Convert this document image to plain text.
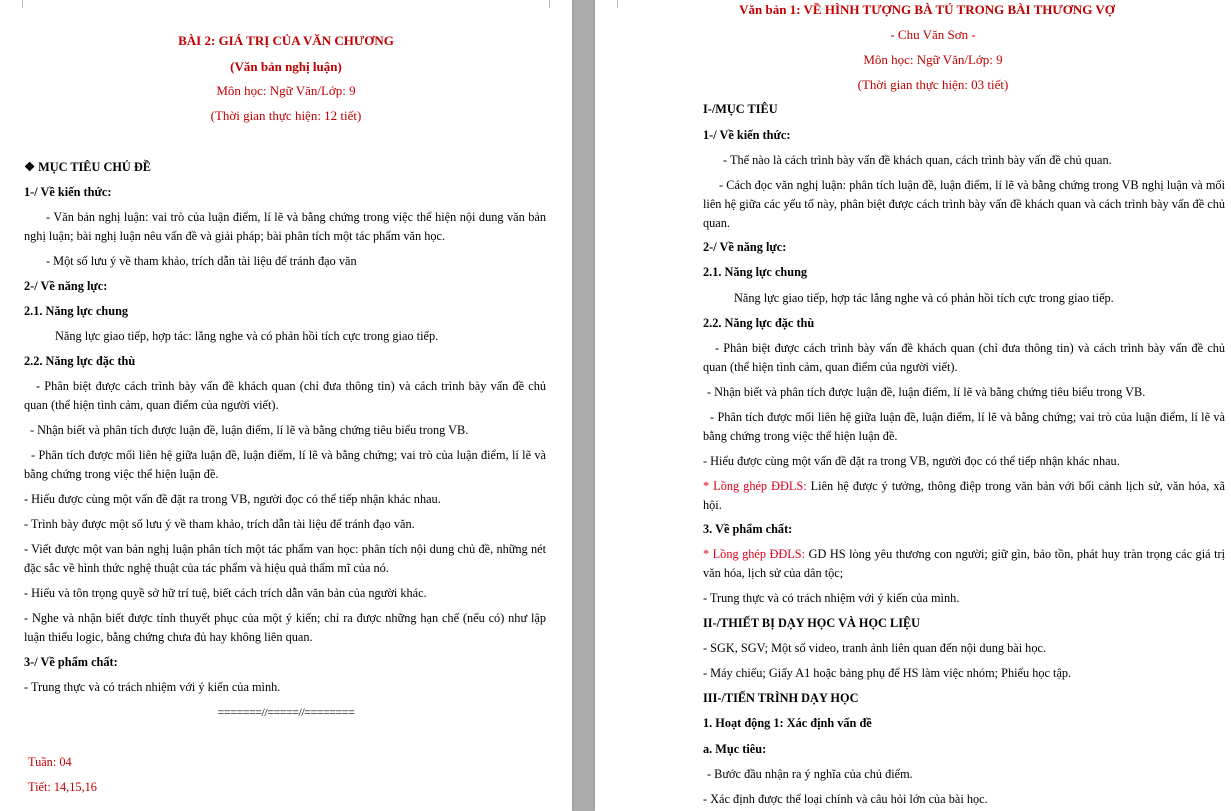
BÀI 2: GIÁ TRỊ CỦA VĂN CHƯƠNG
(Văn bản nghị luận)
Môn học: Ngữ Văn/Lớp: 9
(Thời gian thực hiện: 12 tiết)
❖ MỤC TIÊU CHỦ ĐỀ
1-/ Về kiến thức:
- Văn bản nghị luận: vai trò của luận điểm, lí lẽ và bằng chứng trong việc thể hiện nội dung văn bản nghị luận; bài nghị luận nêu vấn đề và giải pháp; bài phân tích một tác phẩm văn học.
- Một số lưu ý về tham khảo, trích dẫn tài liệu để tránh đạo văn
2-/ Về năng lực:
2.1. Năng lực chung
Năng lực giao tiếp, hợp tác: lắng nghe và có phản hồi tích cực trong giao tiếp.
2.2. Năng lực đặc thù
- Phân biệt được cách trình bày vấn đề khách quan (chỉ đưa thông tin) và cách trình bày vấn đề chủ quan (thể hiện tình cảm, quan điểm của người viết).
- Nhận biết và phân tích được luận đề, luận điểm, lí lẽ và bằng chứng tiêu biểu trong VB.
- Phân tích được mối liên hệ giữa luận đề, luận điểm, lí lẽ và bằng chứng; vai trò của luận điểm, lí lẽ và bằng chứng trong việc thể hiện luận đề.
- Hiểu được cùng một vấn đề đặt ra trong VB, người đọc có thể tiếp nhận khác nhau.
- Trình bày được một số lưu ý về tham khảo, trích dẫn tài liệu để tránh đạo văn.
- Viết được một van bản nghị luận phân tích một tác phẩm van học: phân tích nội dung chủ đề, những nét đặc sắc về hình thức nghệ thuật của tác phẩm và hiệu quả thẩm mĩ của nó.
- Hiểu và tôn trọng quyề sở hữ trí tuệ, biết cách trích dẫn văn bản của người khác.
- Nghe và nhận biết được tính thuyết phục của một ý kiến; chỉ ra được những hạn chế (nếu có) như lập luận thiếu logic, bằng chứng chưa đủ hay không liên quan.
3-/ Về phẩm chất:
- Trung thực và có trách nhiệm với ý kiến của mình.
=======//=====//========
Tuần: 04
Tiết: 14,15,16
Văn bản 1: VỀ HÌNH TƯỢNG BÀ TÚ TRONG BÀI THƯƠNG VỢ
- Chu Văn Sơn -
Môn học: Ngữ Văn/Lớp: 9
(Thời gian thực hiện: 03 tiết)
I-/MỤC TIÊU
1-/ Về kiến thức:
- Thế nào là cách trình bày vấn đề khách quan, cách trình bày vấn đề chủ quan.
- Cách đọc văn nghị luận: phân tích luận đề, luận điểm, lí lẽ và bằng chứng trong VB nghị luận và mối liên hệ giữa các yếu tố này, phân biệt được cách trình bày vấn đề khách quan và cách trình bày vấn đề chủ quan.
2-/ Về năng lực:
2.1. Năng lực chung
Năng lực giao tiếp, hợp tác lắng nghe và có phản hồi tích cực trong giao tiếp.
2.2. Năng lực đặc thù
- Phân biệt được cách trình bày vấn đề khách quan (chỉ đưa thông tin) và cách trình bày vấn đề chủ quan (thể hiện tình cảm, quan điểm của người viết).
- Nhận biết và phân tích được luận đề, luận điểm, lí lẽ và bằng chứng tiêu biểu trong VB.
- Phân tích được mối liên hệ giữa luận đề, luận điểm, lí lẽ và bằng chứng; vai trò của luận điểm, lí lẽ và bằng chứng trong việc thể hiện luận đề.
- Hiểu được cùng một vấn đề đặt ra trong VB, người đọc có thể tiếp nhận khác nhau.
* Lồng ghép ĐĐLS: Liên hệ được ý tưởng, thông điệp trong văn bản với bối cảnh lịch sử, văn hóa, xã hội.
3. Về phẩm chất:
* Lồng ghép ĐĐLS: GD HS lòng yêu thương con người; giữ gìn, bảo tồn, phát huy tràn trọng các giá trị văn hóa, lịch sử của dân tộc;
- Trung thực và có trách nhiệm với ý kiến của mình.
II-/THIẾT BỊ DẠY HỌC VÀ HỌC LIỆU
- SGK, SGV; Một số video, tranh ảnh liên quan đến nội dung bài học.
- Máy chiếu; Giấy A1 hoặc bảng phụ để HS làm việc nhóm; Phiếu học tập.
III-/TIẾN TRÌNH DẠY HỌC
1. Hoạt động 1: Xác định vấn đề
a. Mục tiêu:
- Bước đầu nhận ra ý nghĩa của chủ điểm.
- Xác định được thể loại chính và câu hỏi lớn của bài học.
